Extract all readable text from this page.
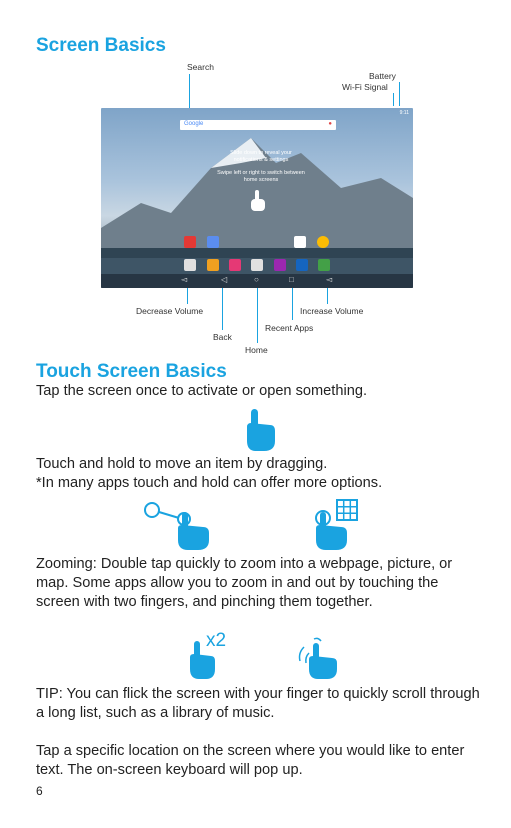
Screen Basics
Search
Battery
Wi-Fi Signal
9:11
Google	●
Slide down to reveal your notifications & settings
Swipe left or right to switch between home screens
◅	◁	○	□	◅
Decrease Volume	Increase Volume
Recent Apps
Back
Home
Touch Screen Basics
Tap the screen once to activate or open something.
Touch and hold to move an item by dragging.
*In many apps touch and hold can offer more options.
Zooming: Double tap quickly to zoom into a webpage, picture, or map. Some apps allow you to zoom in and out by touching the screen with two fingers, and pinching them together.
x2
TIP: You can flick the screen with your finger to quickly scroll through a long list, such as a library of music.
Tap a specific location on the screen where you would like to enter text. The on-screen keyboard will pop up.
6
